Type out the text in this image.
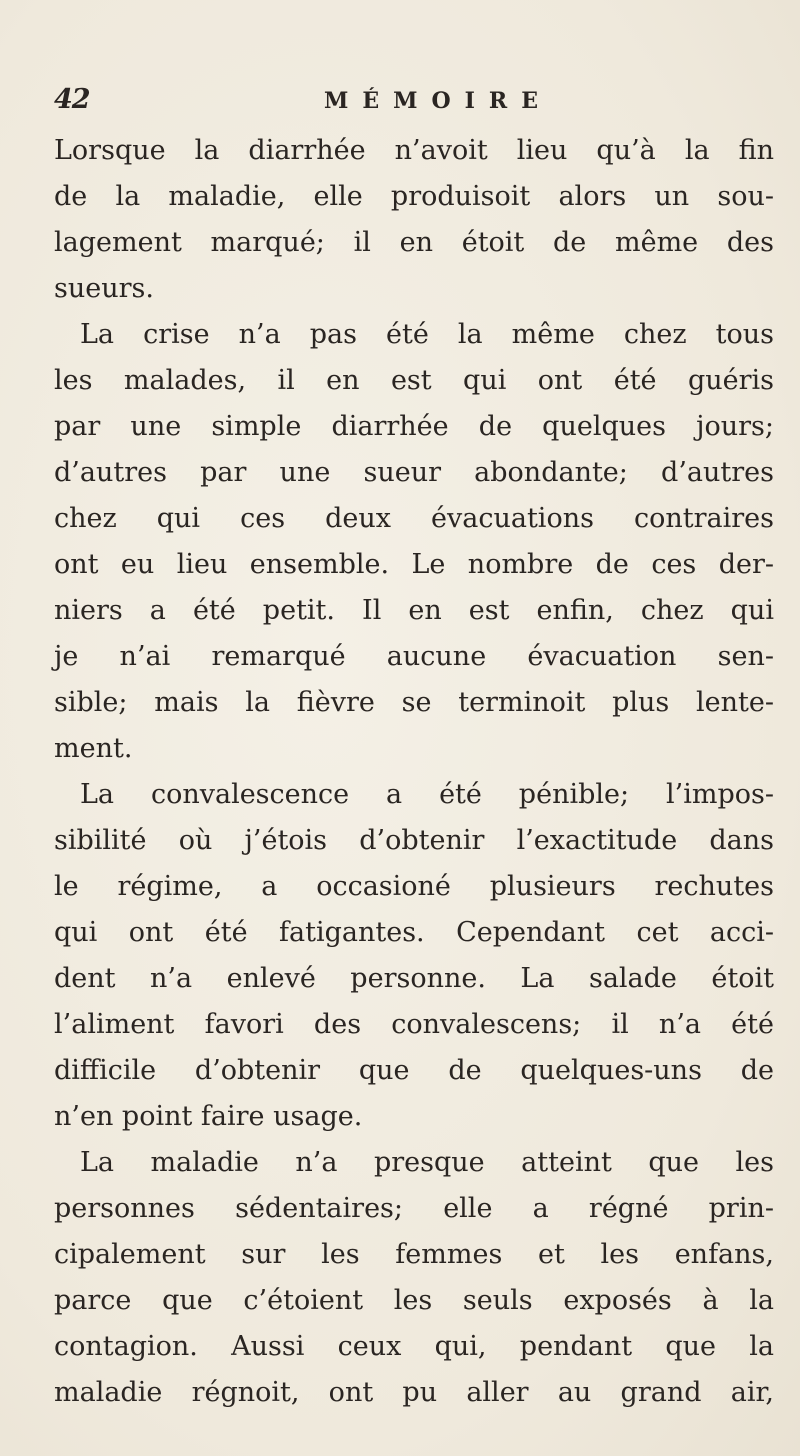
42	MÉMOIRE
Lorsque la diarrhée n’avoit lieu qu’à la fin
de la maladie, elle produisoit alors un sou-
lagement marqué; il en étoit de même des
sueurs.
La crise n’a pas été la même chez tous
les malades, il en est qui ont été guéris
par une simple diarrhée de quelques jours;
d’autres par une sueur abondante; d’autres
chez qui ces deux évacuations contraires
ont eu lieu ensemble. Le nombre de ces der-
niers a été petit. Il en est enfin, chez qui
je n’ai remarqué aucune évacuation sen-
sible; mais la fièvre se terminoit plus lente-
ment.
La convalescence a été pénible; l’impos-
sibilité où j’étois d’obtenir l’exactitude dans
le régime, a occasioné plusieurs rechutes
qui ont été fatigantes. Cependant cet acci-
dent n’a enlevé personne. La salade étoit
l’aliment favori des convalescens; il n’a été
difficile d’obtenir que de quelques-uns de
n’en point faire usage.
La maladie n’a presque atteint que les
personnes sédentaires; elle a régné prin-
cipalement sur les femmes et les enfans,
parce que c’étoient les seuls exposés à la
contagion. Aussi ceux qui, pendant que la
maladie régnoit, ont pu aller au grand air,
